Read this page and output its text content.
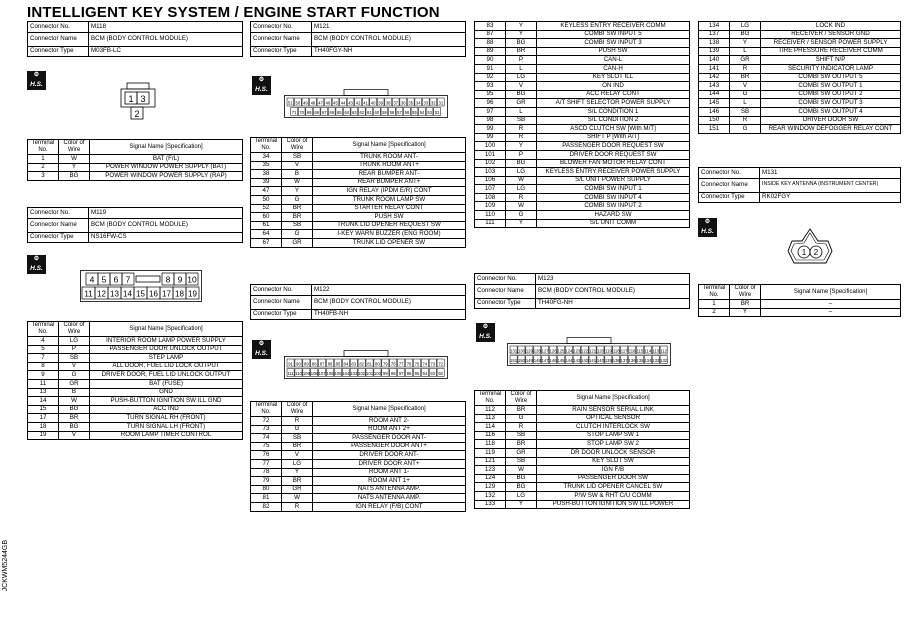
INTELLIGENT KEY SYSTEM / ENGINE START FUNCTION
Connector No.	M118
Connector Name	BCM (BODY CONTROL MODULE)
Connector Type	M03FB-LC
⚙
H.S.
1 3
2
Terminal No.	Color of Wire	Signal Name [Specification]
1	W	BAT (F/L)
2	Y	POWER WINDOW POWER SUPPLY (BAT)
3	BG	POWER WINDOW POWER SUPPLY (RAP)
Connector No.	M119
Connector Name	BCM (BODY CONTROL MODULE)
Connector Type	NS16FW-CS
⚙
H.S.
4 5 6 7	8 9 10
11 12 13 14 15 16 17 18 19
Terminal No.	Color of Wire	Signal Name [Specification]
4	LG	INTERIOR ROOM LAMP POWER SUPPLY
5	P	PASSENGER DOOR UNLOCK OUTPUT
7	SB	STEP LAMP
8	V	ALL DOOR, FUEL LID LOCK OUTPUT
9	G	DRIVER DOOR, FUEL LID UNLOCK OUTPUT
11	GR	BAT (FUSE)
13	B	GND
14	W	PUSH-BUTTON IGNITION SW ILL GND
15	BG	ACC IND
17	BR	TURN SIGNAL RH (FRONT)
18	BG	TURN SIGNAL LH (FRONT)
19	V	ROOM LAMP TIMER CONTROL
Connector No.	M121
Connector Name	BCM (BODY CONTROL MODULE)
Connector Type	TH40FGY-NH
⚙
H.S.
51 50 49 48 47 46 45 44 43 42 41 40 39 38 37 36 35 34 33 32 31
71 70 69 68 67 66 65 64 63 62 61 60 59 58 57 56 55 54 53 52
Terminal No.	Color of Wire	Signal Name [Specification]
34	SB	TRUNK ROOM ANT-
35	V	TRUNK ROOM ANT+
38	B	REAR BUMPER ANT-
39	W	REAR BUMPER ANT+
47	Y	IGN RELAY (IPDM E/R) CONT
50	G	TRUNK ROOM LAMP SW
52	BR	STARTER RELAY CONT
60	BR	PUSH SW
61	SB	TRUNK LID OPENER REQUEST SW
64	G	I-KEY WARN BUZZER (ENG ROOM)
67	GR	TRUNK LID OPENER SW
Connector No.	M122
Connector Name	BCM (BODY CONTROL MODULE)
Connector Type	TH40FB-NH
⚙
H.S.
91 90 89 88 87 86 85 84 83 82 81 80 79 78 77 76 75 74 73 72
111 110 109 108 107 106 105 104 103 102 101 100 99 98 97 96 95 94 93 92
Terminal No.	Color of Wire	Signal Name [Specification]
72	R	ROOM ANT 2-
73	G	ROOM ANT 2+
74	SB	PASSENGER DOOR ANT-
75	BR	PASSENGER DOOR ANT+
76	V	DRIVER DOOR ANT-
77	LG	DRIVER DOOR ANT+
78	Y	ROOM ANT 1-
79	BR	ROOM ANT 1+
80	GR	NATS ANTENNA AMP.
81	W	NATS ANTENNA AMP.
82	R	IGN RELAY (F/B) CONT
83	Y	KEYLESS ENTRY RECEIVER COMM
87	Y	COMBI SW INPUT 5
88	BG	COMBI SW INPUT 3
89	BR	PUSH SW
90	P	CAN-L
91	L	CAN-H
92	LG	KEY SLOT ILL
93	V	ON IND
95	BG	ACC RELAY CONT
96	GR	A/T SHIFT SELECTOR POWER SUPPLY
97	L	S/L CONDITION 1
98	SB	S/L CONDITION 2
99	R	ASCD CLUTCH SW [With M/T]
99	R	SHIFT P [With A/T]
100	Y	PASSENGER DOOR REQUEST SW
101	P	DRIVER DOOR REQUEST SW
102	BG	BLOWER FAN MOTOR RELAY CONT
103	LG	KEYLESS ENTRY RECEIVER POWER SUPPLY
106	W	S/L UNIT POWER SUPPLY
107	LG	COMBI SW INPUT 1
108	R	COMBI SW INPUT 4
109	W	COMBI SW INPUT 2
110	G	HAZARD SW
111	Y	S/L UNIT COMM
Connector No.	M123
Connector Name	BCM (BODY CONTROL MODULE)
Connector Type	TH40FG-NH
⚙
H.S.
131 130 129 128 127 126 125 124 123 122 121 120 119 118 117 116 115 114 113 112
151 150 149 148 147 146 145 144 143 142 141 140 139 138 137 136 135 134 133 132
Terminal No.	Color of Wire	Signal Name [Specification]
112	BR	RAIN SENSOR SERIAL LINK
113	G	OPTICAL SENSOR
114	R	CLUTCH INTERLOCK SW
116	SB	STOP LAMP SW 1
118	BR	STOP LAMP SW 2
119	GR	DR DOOR UNLOCK SENSOR
121	SB	KEY SLOT SW
123	W	IGN F/B
124	BG	PASSENGER DOOR SW
129	BG	TRUNK LID OPENER CANCEL SW
132	LG	P/W SW & RHT C/U COMM
133	Y	PUSH-BUTTON IGNITION SW ILL POWER
134	LG	LOCK IND
137	BG	RECEIVER / SENSOR GND
138	Y	RECEIVER / SENSOR POWER SUPPLY
139	L	TIRE PRESSURE RECEIVER COMM
140	GR	SHIFT N/P
141	R	SECURITY INDICATOR LAMP
142	BR	COMBI SW OUTPUT 5
143	V	COMBI SW OUTPUT 1
144	G	COMBI SW OUTPUT 2
145	L	COMBI SW OUTPUT 3
146	SB	COMBI SW OUTPUT 4
150	R	DRIVER DOOR SW
151	G	REAR WINDOW DEFOGGER RELAY CONT
Connector No.	M131
Connector Name	INSIDE KEY ANTENNA (INSTRUMENT CENTER)
Connector Type	RK02FGY
⚙
H.S.
1 2
Terminal No.	Color of Wire	Signal Name [Specification]
1	BR	–
2	Y	–
JCKWM5244GB
